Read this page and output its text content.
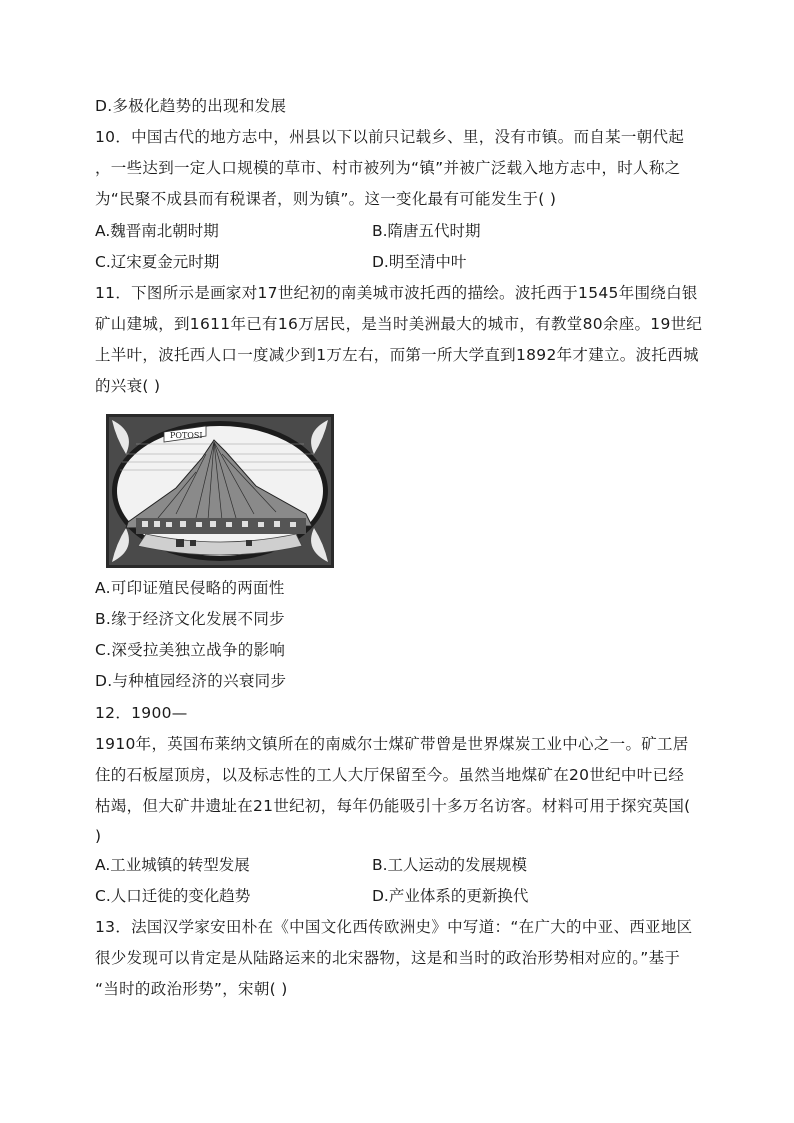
D.多极化趋势的出现和发展
10．中国古代的地方志中，州县以下以前只记载乡、里，没有市镇。而自某一朝代起
，一些达到一定人口规模的草市、村市被列为“镇”并被广泛载入地方志中，时人称之
为“民聚不成县而有税课者，则为镇”。这一变化最有可能发生于( )
A.魏晋南北朝时期	B.隋唐五代时期
C.辽宋夏金元时期	D.明至清中叶
11．下图所示是画家对17世纪初的南美城市波托西的描绘。波托西于1545年围绕白银
矿山建城，到1611年已有16万居民，是当时美洲最大的城市，有教堂80余座。19世纪
上半叶，波托西人口一度减少到1万左右，而第一所大学直到1892年才建立。波托西城
的兴衰( )
POTOSI
A.可印证殖民侵略的两面性
B.缘于经济文化发展不同步
C.深受拉美独立战争的影响
D.与种植园经济的兴衰同步
12．1900—
1910年，英国布莱纳文镇所在的南威尔士煤矿带曾是世界煤炭工业中心之一。矿工居
住的石板屋顶房，以及标志性的工人大厅保留至今。虽然当地煤矿在20世纪中叶已经
枯竭，但大矿井遗址在21世纪初，每年仍能吸引十多万名访客。材料可用于探究英国(
)
A.工业城镇的转型发展	B.工人运动的发展规模
C.人口迁徙的变化趋势	D.产业体系的更新换代
13．法国汉学家安田朴在《中国文化西传欧洲史》中写道：“在广大的中亚、西亚地区
很少发现可以肯定是从陆路运来的北宋器物，这是和当时的政治形势相对应的。”基于
“当时的政治形势”，宋朝( )
